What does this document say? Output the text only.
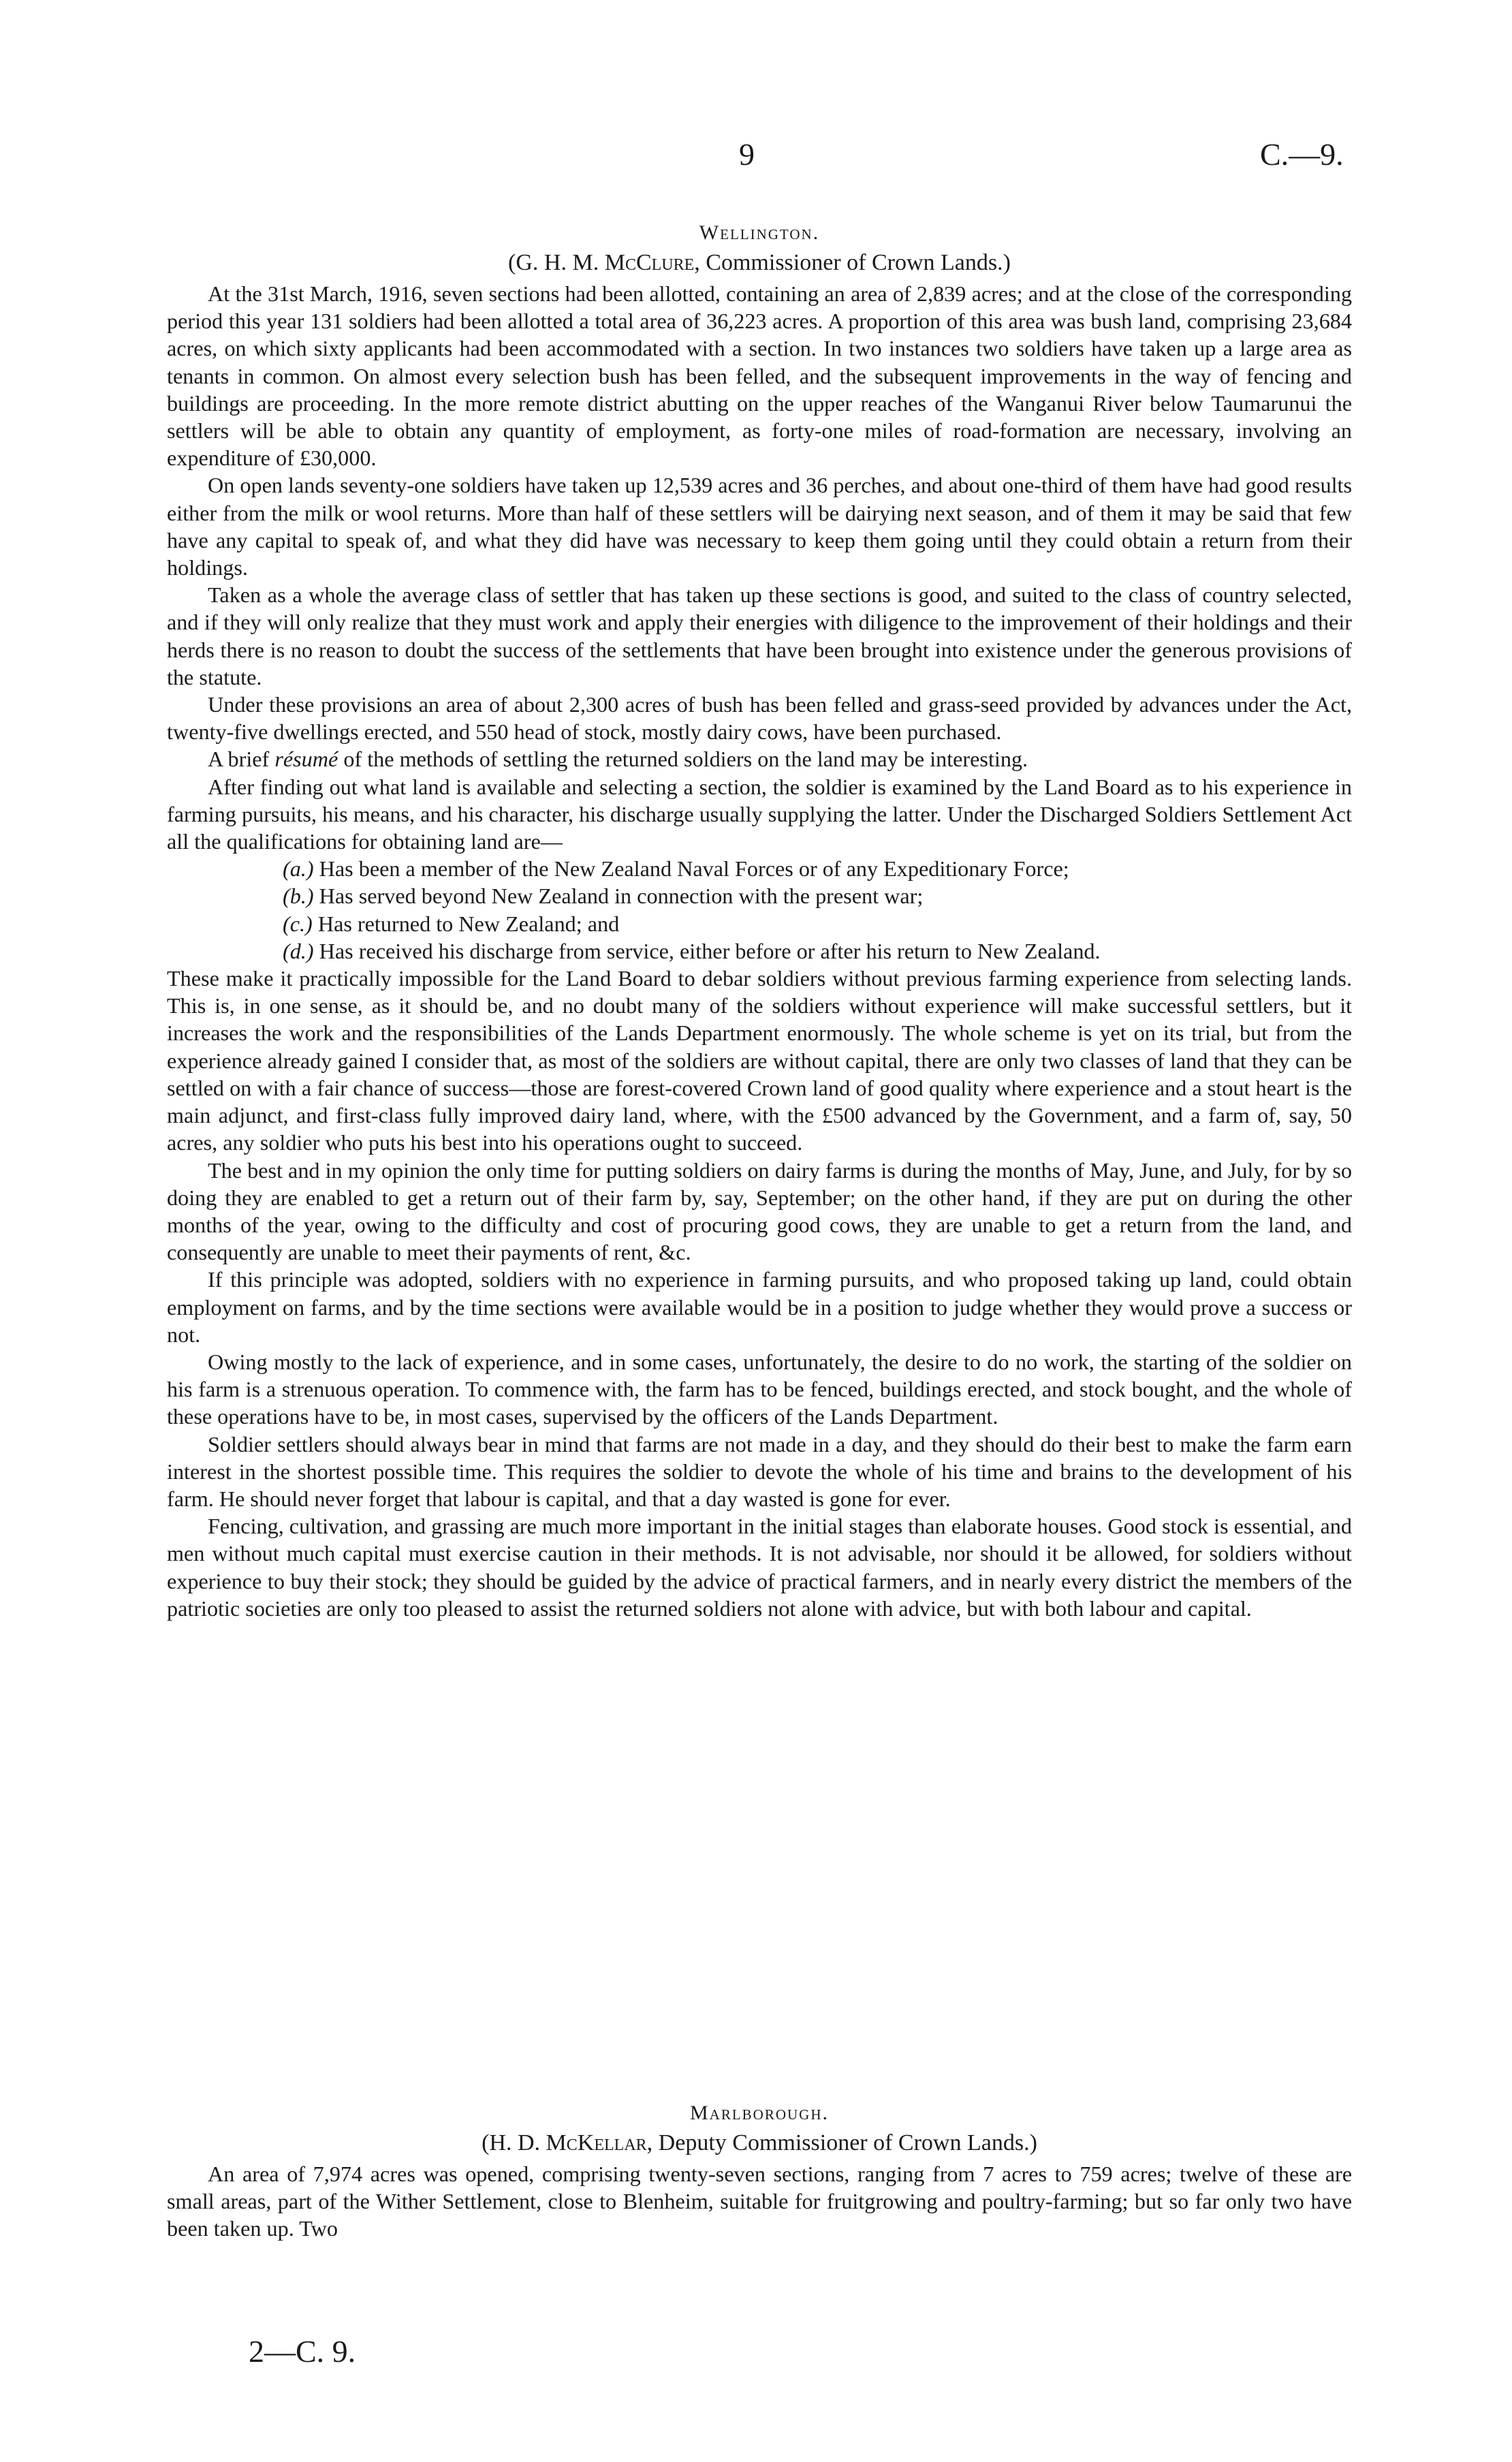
9	C.—9.
Wellington.
(G. H. M. McClure, Commissioner of Crown Lands.)

At the 31st March, 1916, seven sections had been allotted, containing an area of 2,839 acres; and at the close of the corresponding period this year 131 soldiers had been allotted a total area of 36,223 acres. A proportion of this area was bush land, comprising 23,684 acres, on which sixty applicants had been accommodated with a section. In two instances two soldiers have taken up a large area as tenants in common. On almost every selection bush has been felled, and the subsequent improvements in the way of fencing and buildings are proceeding. In the more remote district abutting on the upper reaches of the Wanganui River below Taumarunui the settlers will be able to obtain any quantity of employment, as forty-one miles of road-formation are necessary, involving an expenditure of £30,000.

On open lands seventy-one soldiers have taken up 12,539 acres and 36 perches, and about one-third of them have had good results either from the milk or wool returns. More than half of these settlers will be dairying next season, and of them it may be said that few have any capital to speak of, and what they did have was necessary to keep them going until they could obtain a return from their holdings.

Taken as a whole the average class of settler that has taken up these sections is good, and suited to the class of country selected, and if they will only realize that they must work and apply their energies with diligence to the improvement of their holdings and their herds there is no reason to doubt the success of the settlements that have been brought into existence under the generous provisions of the statute.

Under these provisions an area of about 2,300 acres of bush has been felled and grass-seed provided by advances under the Act, twenty-five dwellings erected, and 550 head of stock, mostly dairy cows, have been purchased.

A brief résumé of the methods of settling the returned soldiers on the land may be interesting.

After finding out what land is available and selecting a section, the soldier is examined by the Land Board as to his experience in farming pursuits, his means, and his character, his discharge usually supplying the latter. Under the Discharged Soldiers Settlement Act all the qualifications for obtaining land are—

(a.) Has been a member of the New Zealand Naval Forces or of any Expeditionary Force;
(b.) Has served beyond New Zealand in connection with the present war;
(c.) Has returned to New Zealand; and
(d.) Has received his discharge from service, either before or after his return to New Zealand.

These make it practically impossible for the Land Board to debar soldiers without previous farming experience from selecting lands. This is, in one sense, as it should be, and no doubt many of the soldiers without experience will make successful settlers, but it increases the work and the responsibilities of the Lands Department enormously. The whole scheme is yet on its trial, but from the experience already gained I consider that, as most of the soldiers are without capital, there are only two classes of land that they can be settled on with a fair chance of success—those are forest-covered Crown land of good quality where experience and a stout heart is the main adjunct, and first-class fully improved dairy land, where, with the £500 advanced by the Government, and a farm of, say, 50 acres, any soldier who puts his best into his operations ought to succeed.

The best and in my opinion the only time for putting soldiers on dairy farms is during the months of May, June, and July, for by so doing they are enabled to get a return out of their farm by, say, September; on the other hand, if they are put on during the other months of the year, owing to the difficulty and cost of procuring good cows, they are unable to get a return from the land, and consequently are unable to meet their payments of rent, &c.

If this principle was adopted, soldiers with no experience in farming pursuits, and who proposed taking up land, could obtain employment on farms, and by the time sections were available would be in a position to judge whether they would prove a success or not.

Owing mostly to the lack of experience, and in some cases, unfortunately, the desire to do no work, the starting of the soldier on his farm is a strenuous operation. To commence with, the farm has to be fenced, buildings erected, and stock bought, and the whole of these operations have to be, in most cases, supervised by the officers of the Lands Department.

Soldier settlers should always bear in mind that farms are not made in a day, and they should do their best to make the farm earn interest in the shortest possible time. This requires the soldier to devote the whole of his time and brains to the development of his farm. He should never forget that labour is capital, and that a day wasted is gone for ever.

Fencing, cultivation, and grassing are much more important in the initial stages than elaborate houses. Good stock is essential, and men without much capital must exercise caution in their methods. It is not advisable, nor should it be allowed, for soldiers without experience to buy their stock; they should be guided by the advice of practical farmers, and in nearly every district the members of the patriotic societies are only too pleased to assist the returned soldiers not alone with advice, but with both labour and capital.

Marlborough.
(H. D. McKellar, Deputy Commissioner of Crown Lands.)

An area of 7,974 acres was opened, comprising twenty-seven sections, ranging from 7 acres to 759 acres; twelve of these are small areas, part of the Wither Settlement, close to Blenheim, suitable for fruitgrowing and poultry-farming; but so far only two have been taken up. Two

2—C. 9.
